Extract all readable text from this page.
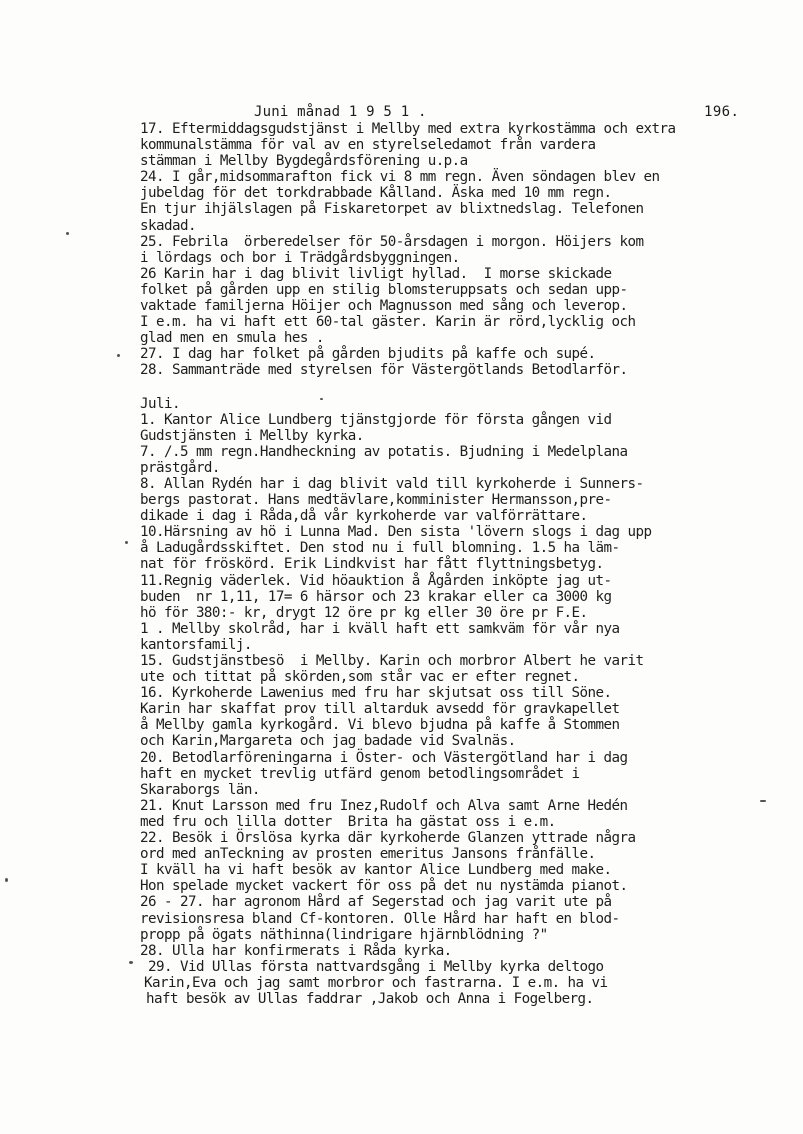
Juni månad 1 9 5 1 .	196.
17. Eftermiddagsgudstjänst i Mellby med extra kyrkostämma och extra
kommunalstämma för val av en styrelseledamot från vardera
stämman i Mellby Bygdegårdsförening u.p.a
24. I går,midsommarafton fick vi 8 mm regn. Även söndagen blev en
jubeldag för det torkdrabbade Kålland. Äska med 10 mm regn.
En tjur ihjälslagen på Fiskaretorpet av blixtnedslag. Telefonen
skadad.
25. Febrila  örberedelser för 50-årsdagen i morgon. Höijers kom
i lördags och bor i Trädgårdsbyggningen.
26 Karin har i dag blivit livligt hyllad.  I morse skickade
folket på gården upp en stilig blomsteruppsats och sedan upp-
vaktade familjerna Höijer och Magnusson med sång och leverop.
I e.m. ha vi haft ett 60-tal gäster. Karin är rörd,lycklig och
glad men en smula hes .
27. I dag har folket på gården bjudits på kaffe och supé.
28. Sammanträde med styrelsen för Västergötlands Betodlarför.
Juli.
1. Kantor Alice Lundberg tjänstgjorde för första gången vid
Gudstjänsten i Mellby kyrka.
7. /.5 mm regn.Handheckning av potatis. Bjudning i Medelplana
prästgård.
8. Allan Rydén har i dag blivit vald till kyrkoherde i Sunners-
bergs pastorat. Hans medtävlare,komminister Hermansson,pre-
dikade i dag i Råda,då vår kyrkoherde var valförrättare.
10.Härsning av hö i Lunna Mad. Den sista 'lövern slogs i dag upp
å Ladugårdsskiftet. Den stod nu i full blomning. 1.5 ha läm-
nat för fröskörd. Erik Lindkvist har fått flyttningsbetyg.
11.Regnig väderlek. Vid höauktion å Ågården inköpte jag ut-
buden  nr 1,11, 17= 6 härsor och 23 krakar eller ca 3000 kg
hö för 380:- kr, drygt 12 öre pr kg eller 30 öre pr F.E.
1 . Mellby skolråd, har i kväll haft ett samkväm för vår nya
kantorsfamilj.
15. Gudstjänstbesö  i Mellby. Karin och morbror Albert he varit
ute och tittat på skörden,som står vac er efter regnet.
16. Kyrkoherde Lawenius med fru har skjutsat oss till Söne.
Karin har skaffat prov till altarduk avsedd för gravkapellet
å Mellby gamla kyrkogård. Vi blevo bjudna på kaffe å Stommen
och Karin,Margareta och jag badade vid Svalnäs.
20. Betodlarföreningarna i Öster- och Västergötland har i dag
haft en mycket trevlig utfärd genom betodlingsområdet i
Skaraborgs län.
21. Knut Larsson med fru Inez,Rudolf och Alva samt Arne Hedén
med fru och lilla dotter  Brita ha gästat oss i e.m.
22. Besök i Örslösa kyrka där kyrkoherde Glanzen yttrade några
ord med anTeckning av prosten emeritus Jansons frånfälle.
I kväll ha vi haft besök av kantor Alice Lundberg med make.
Hon spelade mycket vackert för oss på det nu nystämda pianot.
26 - 27. har agronom Hård af Segerstad och jag varit ute på
revisionsresa bland Cf-kontoren. Olle Hård har haft en blod-
propp på ögats näthinna(lindrigare hjärnblödning ?"
28. Ulla har konfirmerats i Råda kyrka.
29. Vid Ullas första nattvardsgång i Mellby kyrka deltogo
Karin,Eva och jag samt morbror och fastrarna. I e.m. ha vi
haft besök av Ullas faddrar ,Jakob och Anna i Fogelberg.
